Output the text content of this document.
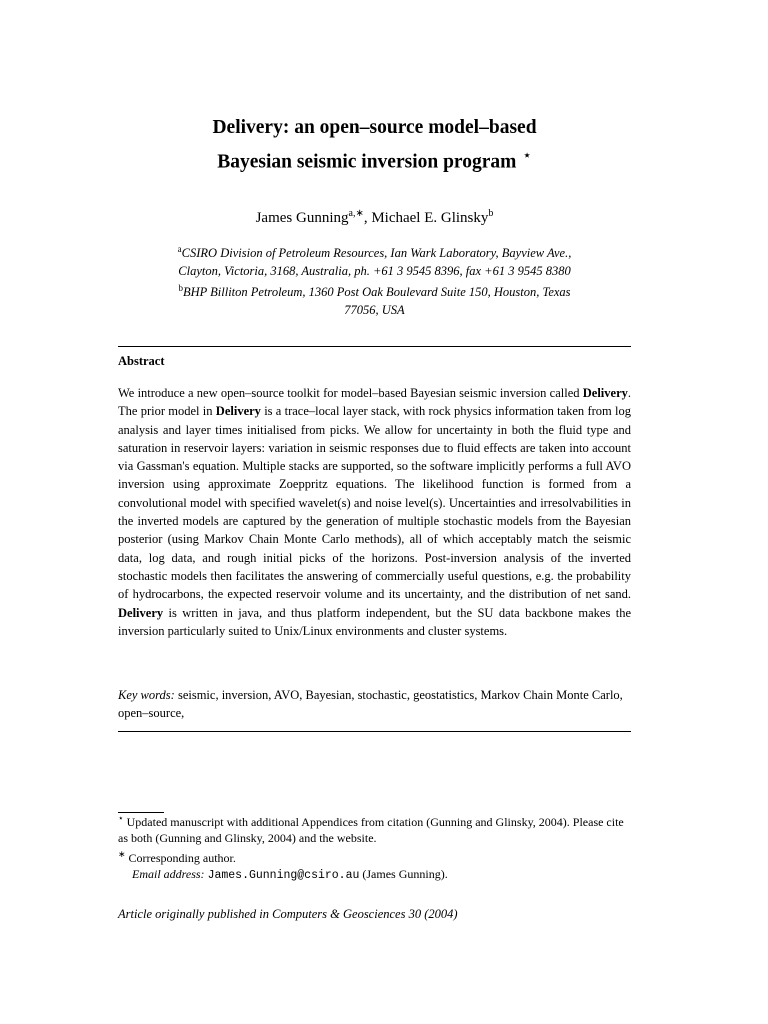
Delivery: an open–source model–based
Bayesian seismic inversion program ⋆
James Gunning$^{a,∗}$, Michael E. Glinsky$^b$
$^a$CSIRO Division of Petroleum Resources, Ian Wark Laboratory, Bayview Ave.,
Clayton, Victoria, 3168, Australia, ph. +61 3 9545 8396, fax +61 3 9545 8380
$^b$BHP Billiton Petroleum, 1360 Post Oak Boulevard Suite 150, Houston, Texas
77056, USA
Abstract
We introduce a new open–source toolkit for model–based Bayesian seismic inversion called Delivery. The prior model in Delivery is a trace–local layer stack, with rock physics information taken from log analysis and layer times initialised from picks. We allow for uncertainty in both the fluid type and saturation in reservoir layers: variation in seismic responses due to fluid effects are taken into account via Gassman's equation. Multiple stacks are supported, so the software implicitly performs a full AVO inversion using approximate Zoeppritz equations. The likelihood function is formed from a convolutional model with specified wavelet(s) and noise level(s). Uncertainties and irresolvabilities in the inverted models are captured by the generation of multiple stochastic models from the Bayesian posterior (using Markov Chain Monte Carlo methods), all of which acceptably match the seismic data, log data, and rough initial picks of the horizons. Post-inversion analysis of the inverted stochastic models then facilitates the answering of commercially useful questions, e.g. the probability of hydrocarbons, the expected reservoir volume and its uncertainty, and the distribution of net sand. Delivery is written in java, and thus platform independent, but the SU data backbone makes the inversion particularly suited to Unix/Linux environments and cluster systems.
Key words: seismic, inversion, AVO, Bayesian, stochastic, geostatistics, Markov Chain Monte Carlo, open–source,
⋆ Updated manuscript with additional Appendices from citation (Gunning and Glinsky, 2004). Please cite as both (Gunning and Glinsky, 2004) and the website.
∗ Corresponding author.
Email address: James.Gunning@csiro.au (James Gunning).
Article originally published in Computers & Geosciences 30 (2004)
